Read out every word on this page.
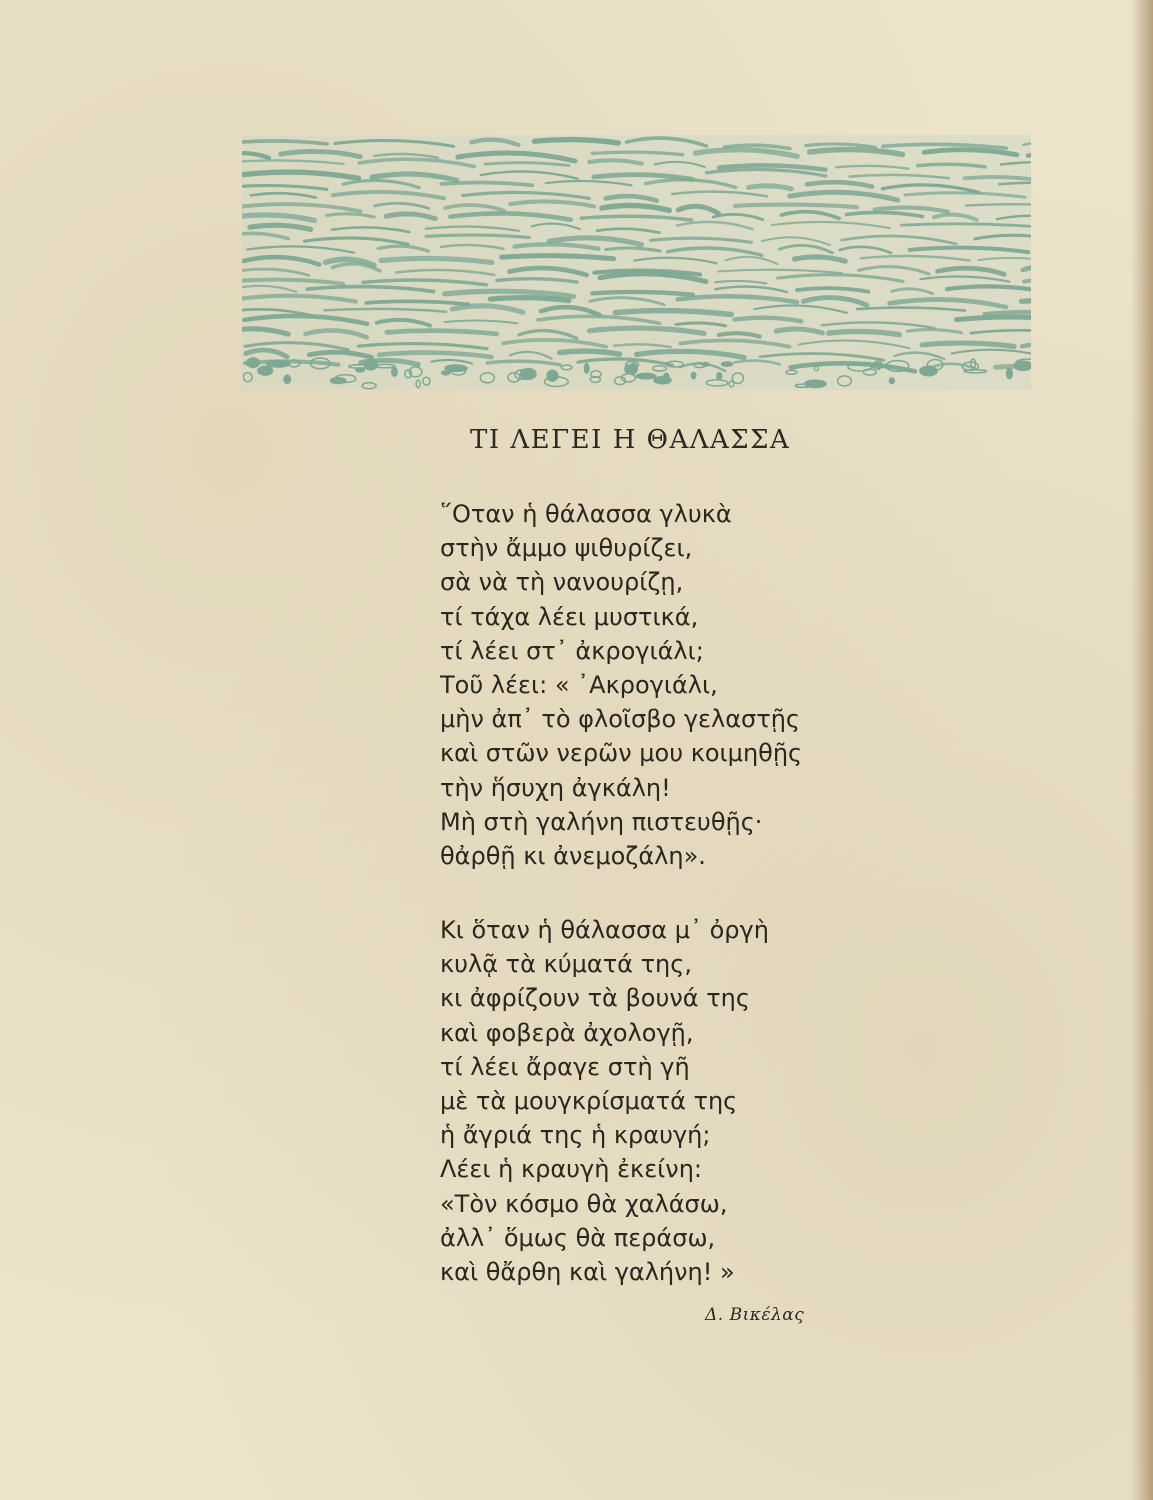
ΤΙ ΛΕΓΕΙ Η ΘΑΛΑΣΣΑ
῞Οταν ἡ θάλασσα γλυκὰ
στὴν ἄμμο ψιθυρίζει,
σὰ νὰ τὴ νανουρίζῃ,
τί τάχα λέει μυστικά,
τί λέει στ᾿ ἀκρογιάλι;
Τοῦ λέει: « ᾿Ακρογιάλι,
μὴν ἀπ᾿ τὸ φλοῖσβο γελαστῇς
καὶ στῶν νερῶν μου κοιμηθῇς
τὴν ἥσυχη ἀγκάλη!
Μὴ στὴ γαλήνη πιστευθῇς·
θἀρθῇ κι ἀνεμοζάλη».
Κι ὅταν ἡ θάλασσα μ᾿ ὀργὴ
κυλᾷ τὰ κύματά της,
κι ἀφρίζουν τὰ βουνά της
καὶ φοβερὰ ἀχολογῇ,
τί λέει ἄραγε στὴ γῆ
μὲ τὰ μουγκρίσματά της
ἡ ἄγριά της ἡ κραυγή;
Λέει ἡ κραυγὴ ἐκείνη:
«Τὸν κόσμο θὰ χαλάσω,
ἀλλ᾿ ὅμως θὰ περάσω,
καὶ θἄρθη καὶ γαλήνη! »
Δ. Βικέλας
